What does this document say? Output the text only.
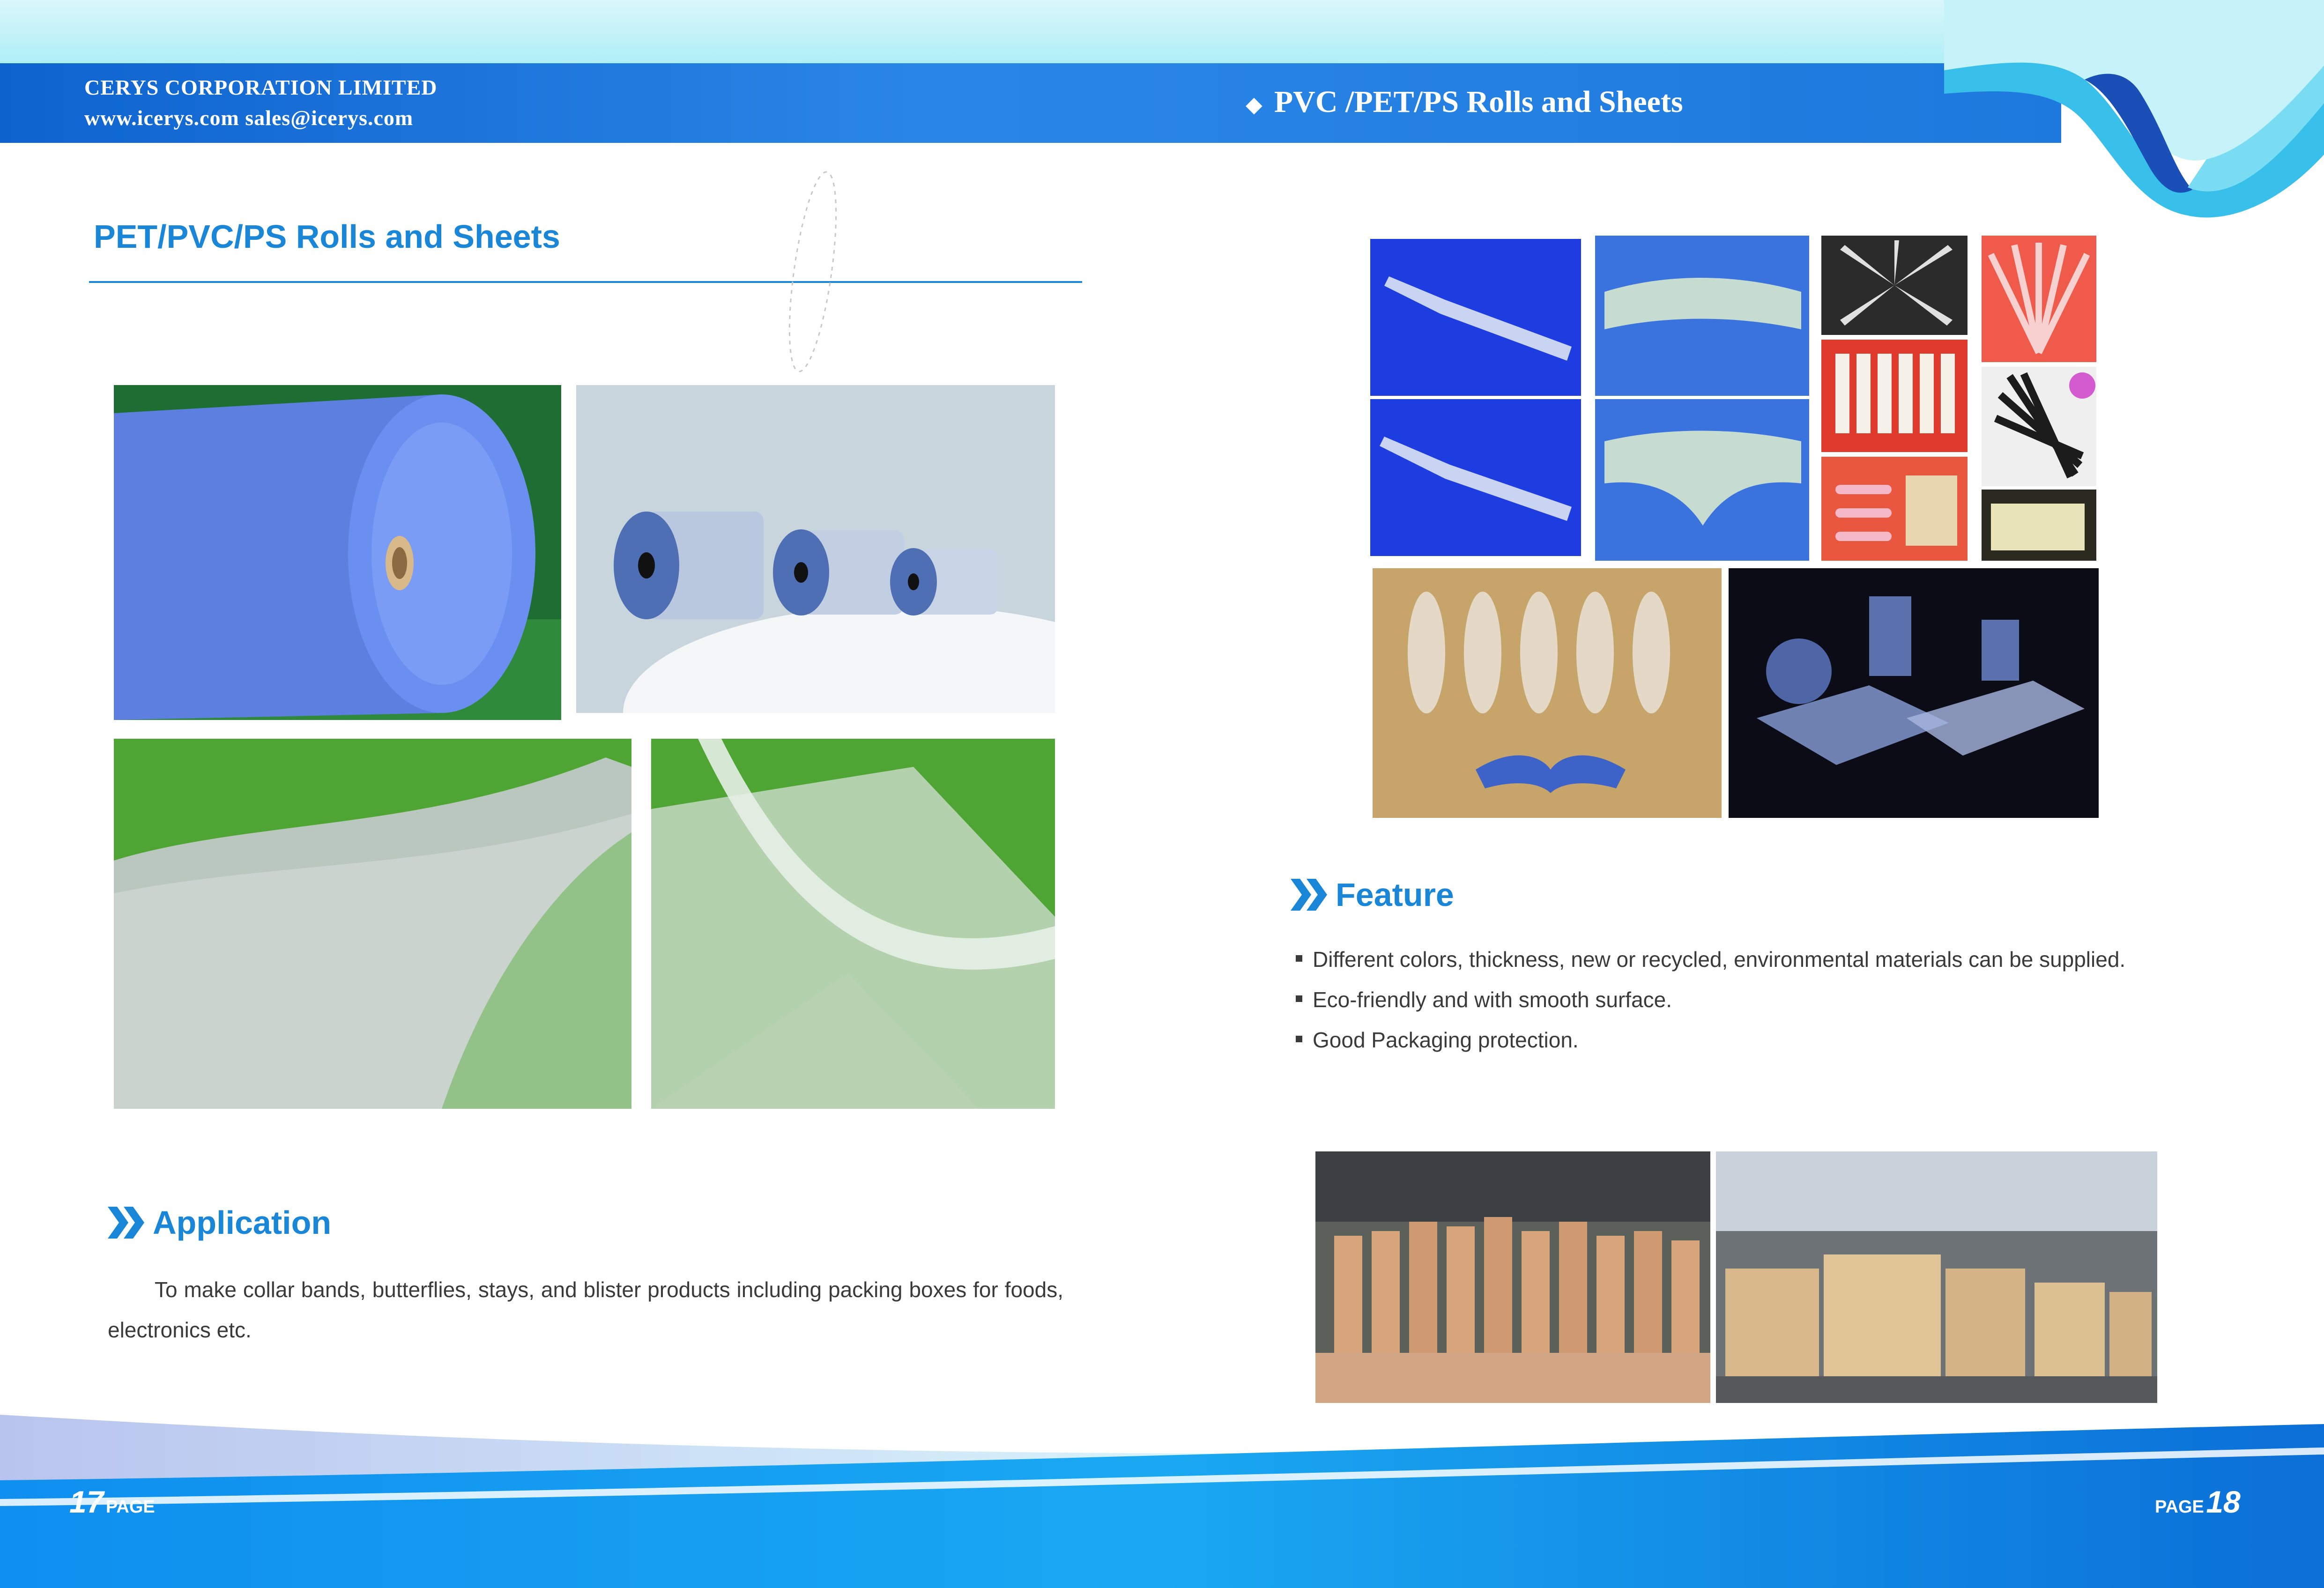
CERYS CORPORATION LIMITED
www.icerys.com sales@icerys.com
◆ PVC /PET/PS Rolls and Sheets
PET/PVC/PS Rolls and Sheets
Application
To make collar bands, butterflies, stays, and blister products including packing boxes for foods, electronics etc.
Feature
Different colors, thickness, new or recycled, environmental materials can be supplied.
Eco-friendly and with smooth surface.
Good Packaging protection.
17 PAGE	PAGE 18
